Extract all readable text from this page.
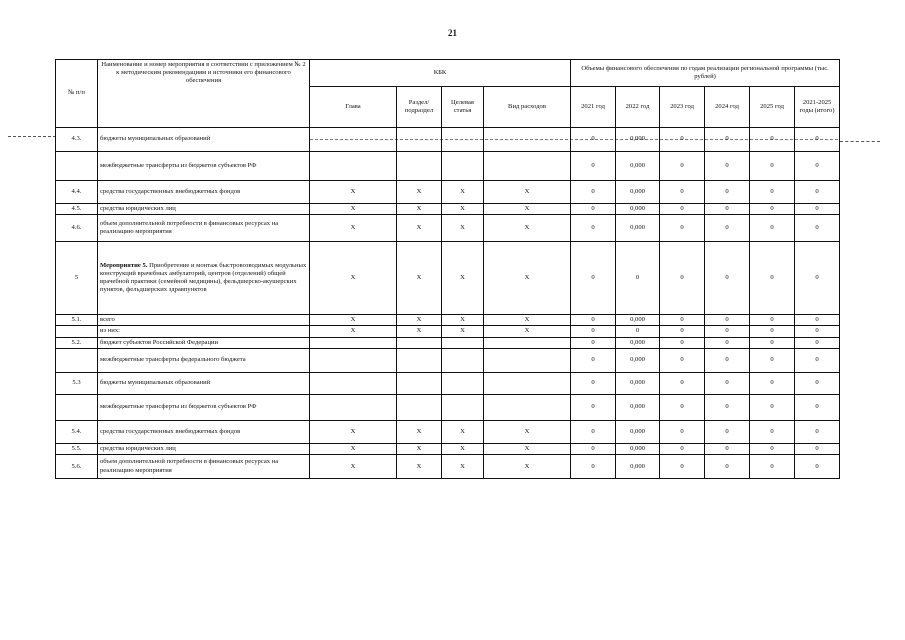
21
№ п/п	Наименование и номер мероприятия в соответствии с приложением № 2 к методическим рекомендациям и источники его финансового обеспечения	КБК				Объемы финансового обеспечения по годам реализации региональной программы (тыс. рублей)					
		Глава	Раздел/ подраздел	Целевая статья	Вид расходов	2021 год	2022 год	2023 год	2024 год	2025 год	2021-2025 годы (итого)
4.3.	бюджеты муниципальных образований					0	0,000	0	0	0	0
	межбюджетные трансферты из бюджетов субъектов РФ					0	0,000	0	0	0	0
4.4.	средства государственных внебюджетных фондов	X	X	X	X	0	0,000	0	0	0	0
4.5.	средства юридических лиц	X	X	X	X	0	0,000	0	0	0	0
4.6.	объем дополнительной потребности в финансовых ресурсах на реализацию мероприятия	X	X	X	X	0	0,000	0	0	0	0
5	Мероприятие 5. Приобретение и монтаж быстровозводимых модульных конструкций врачебных амбулаторий, центров (отделений) общей врачебной практики (семейной медицины), фельдшерско-акушерских пунктов, фельдшерских здравпунктов	X	X	X	X	0	0	0	0	0	0
5.1.	всего	X	X	X	X	0	0,000	0	0	0	0
	из них:	X	X	X	X	0	0	0	0	0	0
5.2.	бюджет субъектов Российской Федерации					0	0,000	0	0	0	0
	межбюджетные трансферты федерального бюджета					0	0,000	0	0	0	0
5.3	бюджеты муниципальных образований					0	0,000	0	0	0	0
	межбюджетные трансферты из бюджетов субъектов РФ					0	0,000	0	0	0	0
5.4.	средства государственных внебюджетных фондов	X	X	X	X	0	0,000	0	0	0	0
5.5.	средства юридических лиц	X	X	X	X	0	0,000	0	0	0	0
5.6.	объем дополнительной потребности в финансовых ресурсах на реализацию мероприятия	X	X	X	X	0	0,000	0	0	0	0
